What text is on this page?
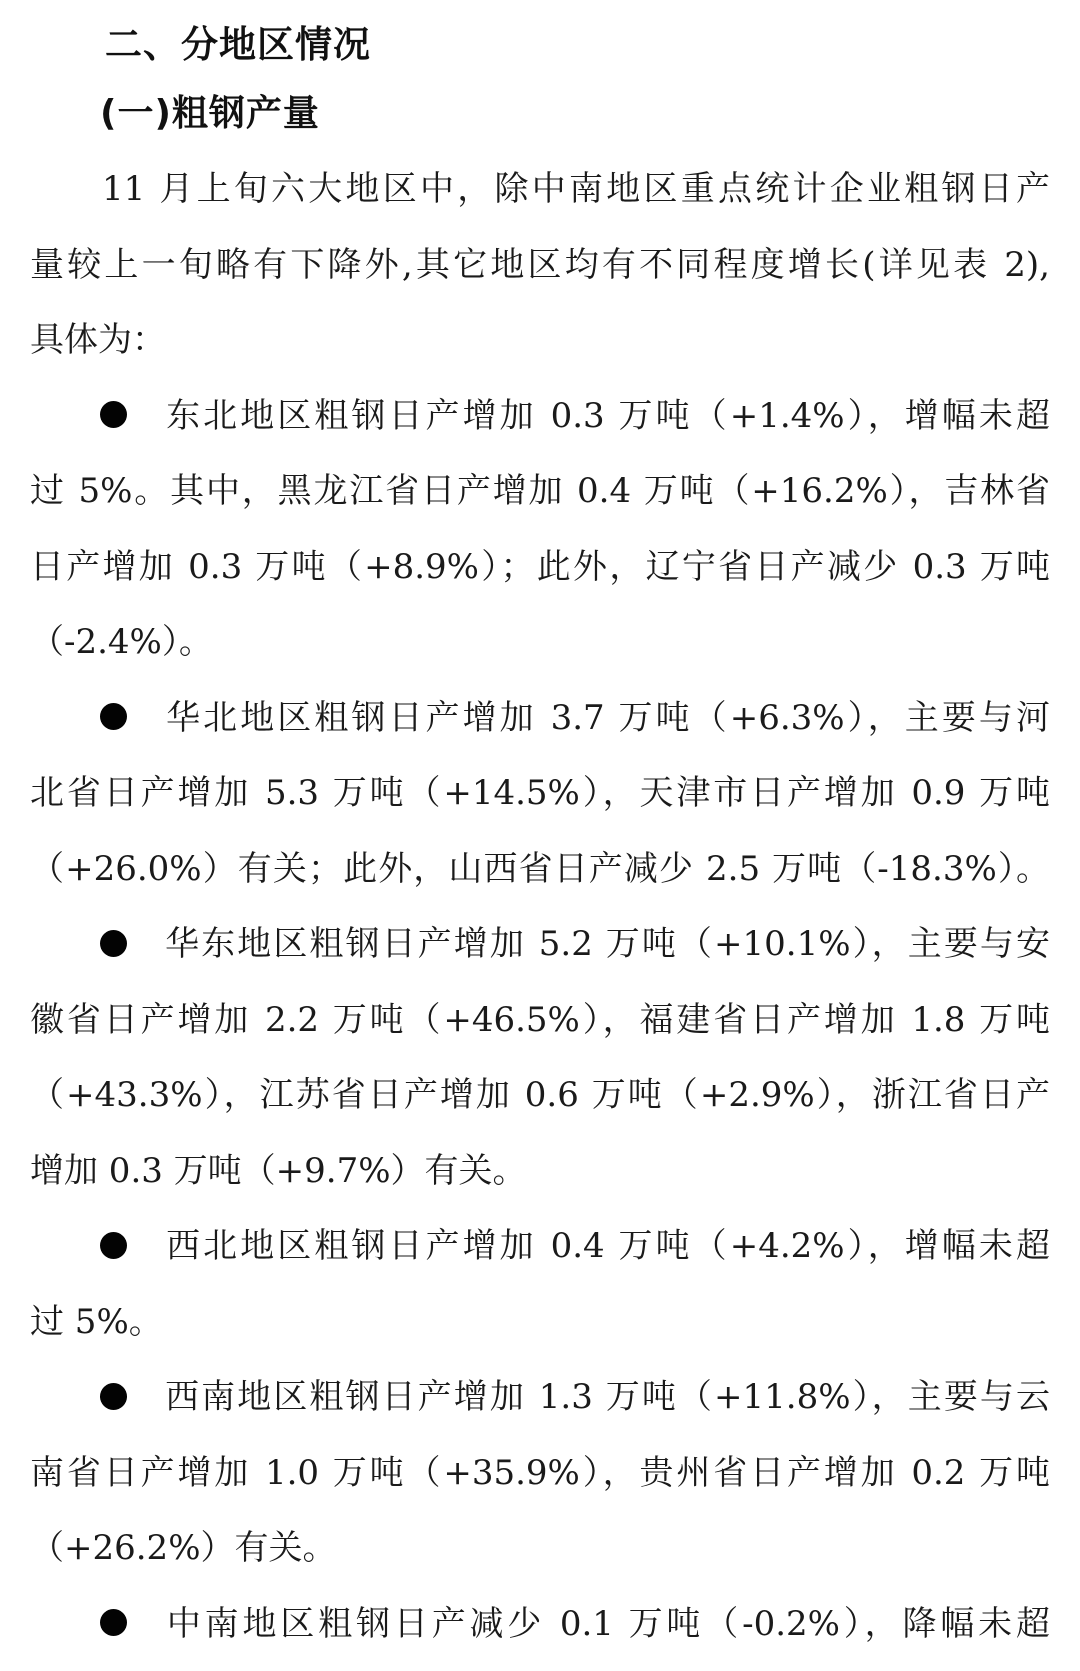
二、分地区情况
(一)粗钢产量
11 月上旬六大地区中，除中南地区重点统计企业粗钢日产
量较上一旬略有下降外,其它地区均有不同程度增长(详见表 2),
具体为：
东北地区粗钢日产增加 0.3 万吨（+1.4%），增幅未超
过 5%。其中，黑龙江省日产增加 0.4 万吨（+16.2%），吉林省
日产增加 0.3 万吨（+8.9%）；此外，辽宁省日产减少 0.3 万吨
（-2.4%）。
华北地区粗钢日产增加 3.7 万吨（+6.3%），主要与河
北省日产增加 5.3 万吨（+14.5%），天津市日产增加 0.9 万吨
（+26.0%）有关；此外，山西省日产减少 2.5 万吨（-18.3%）。
华东地区粗钢日产增加 5.2 万吨（+10.1%），主要与安
徽省日产增加 2.2 万吨（+46.5%），福建省日产增加 1.8 万吨
（+43.3%），江苏省日产增加 0.6 万吨（+2.9%），浙江省日产
增加 0.3 万吨（+9.7%）有关。
西北地区粗钢日产增加 0.4 万吨（+4.2%），增幅未超
过 5%。
西南地区粗钢日产增加 1.3 万吨（+11.8%），主要与云
南省日产增加 1.0 万吨（+35.9%），贵州省日产增加 0.2 万吨
（+26.2%）有关。
中南地区粗钢日产减少 0.1 万吨（-0.2%），降幅未超
